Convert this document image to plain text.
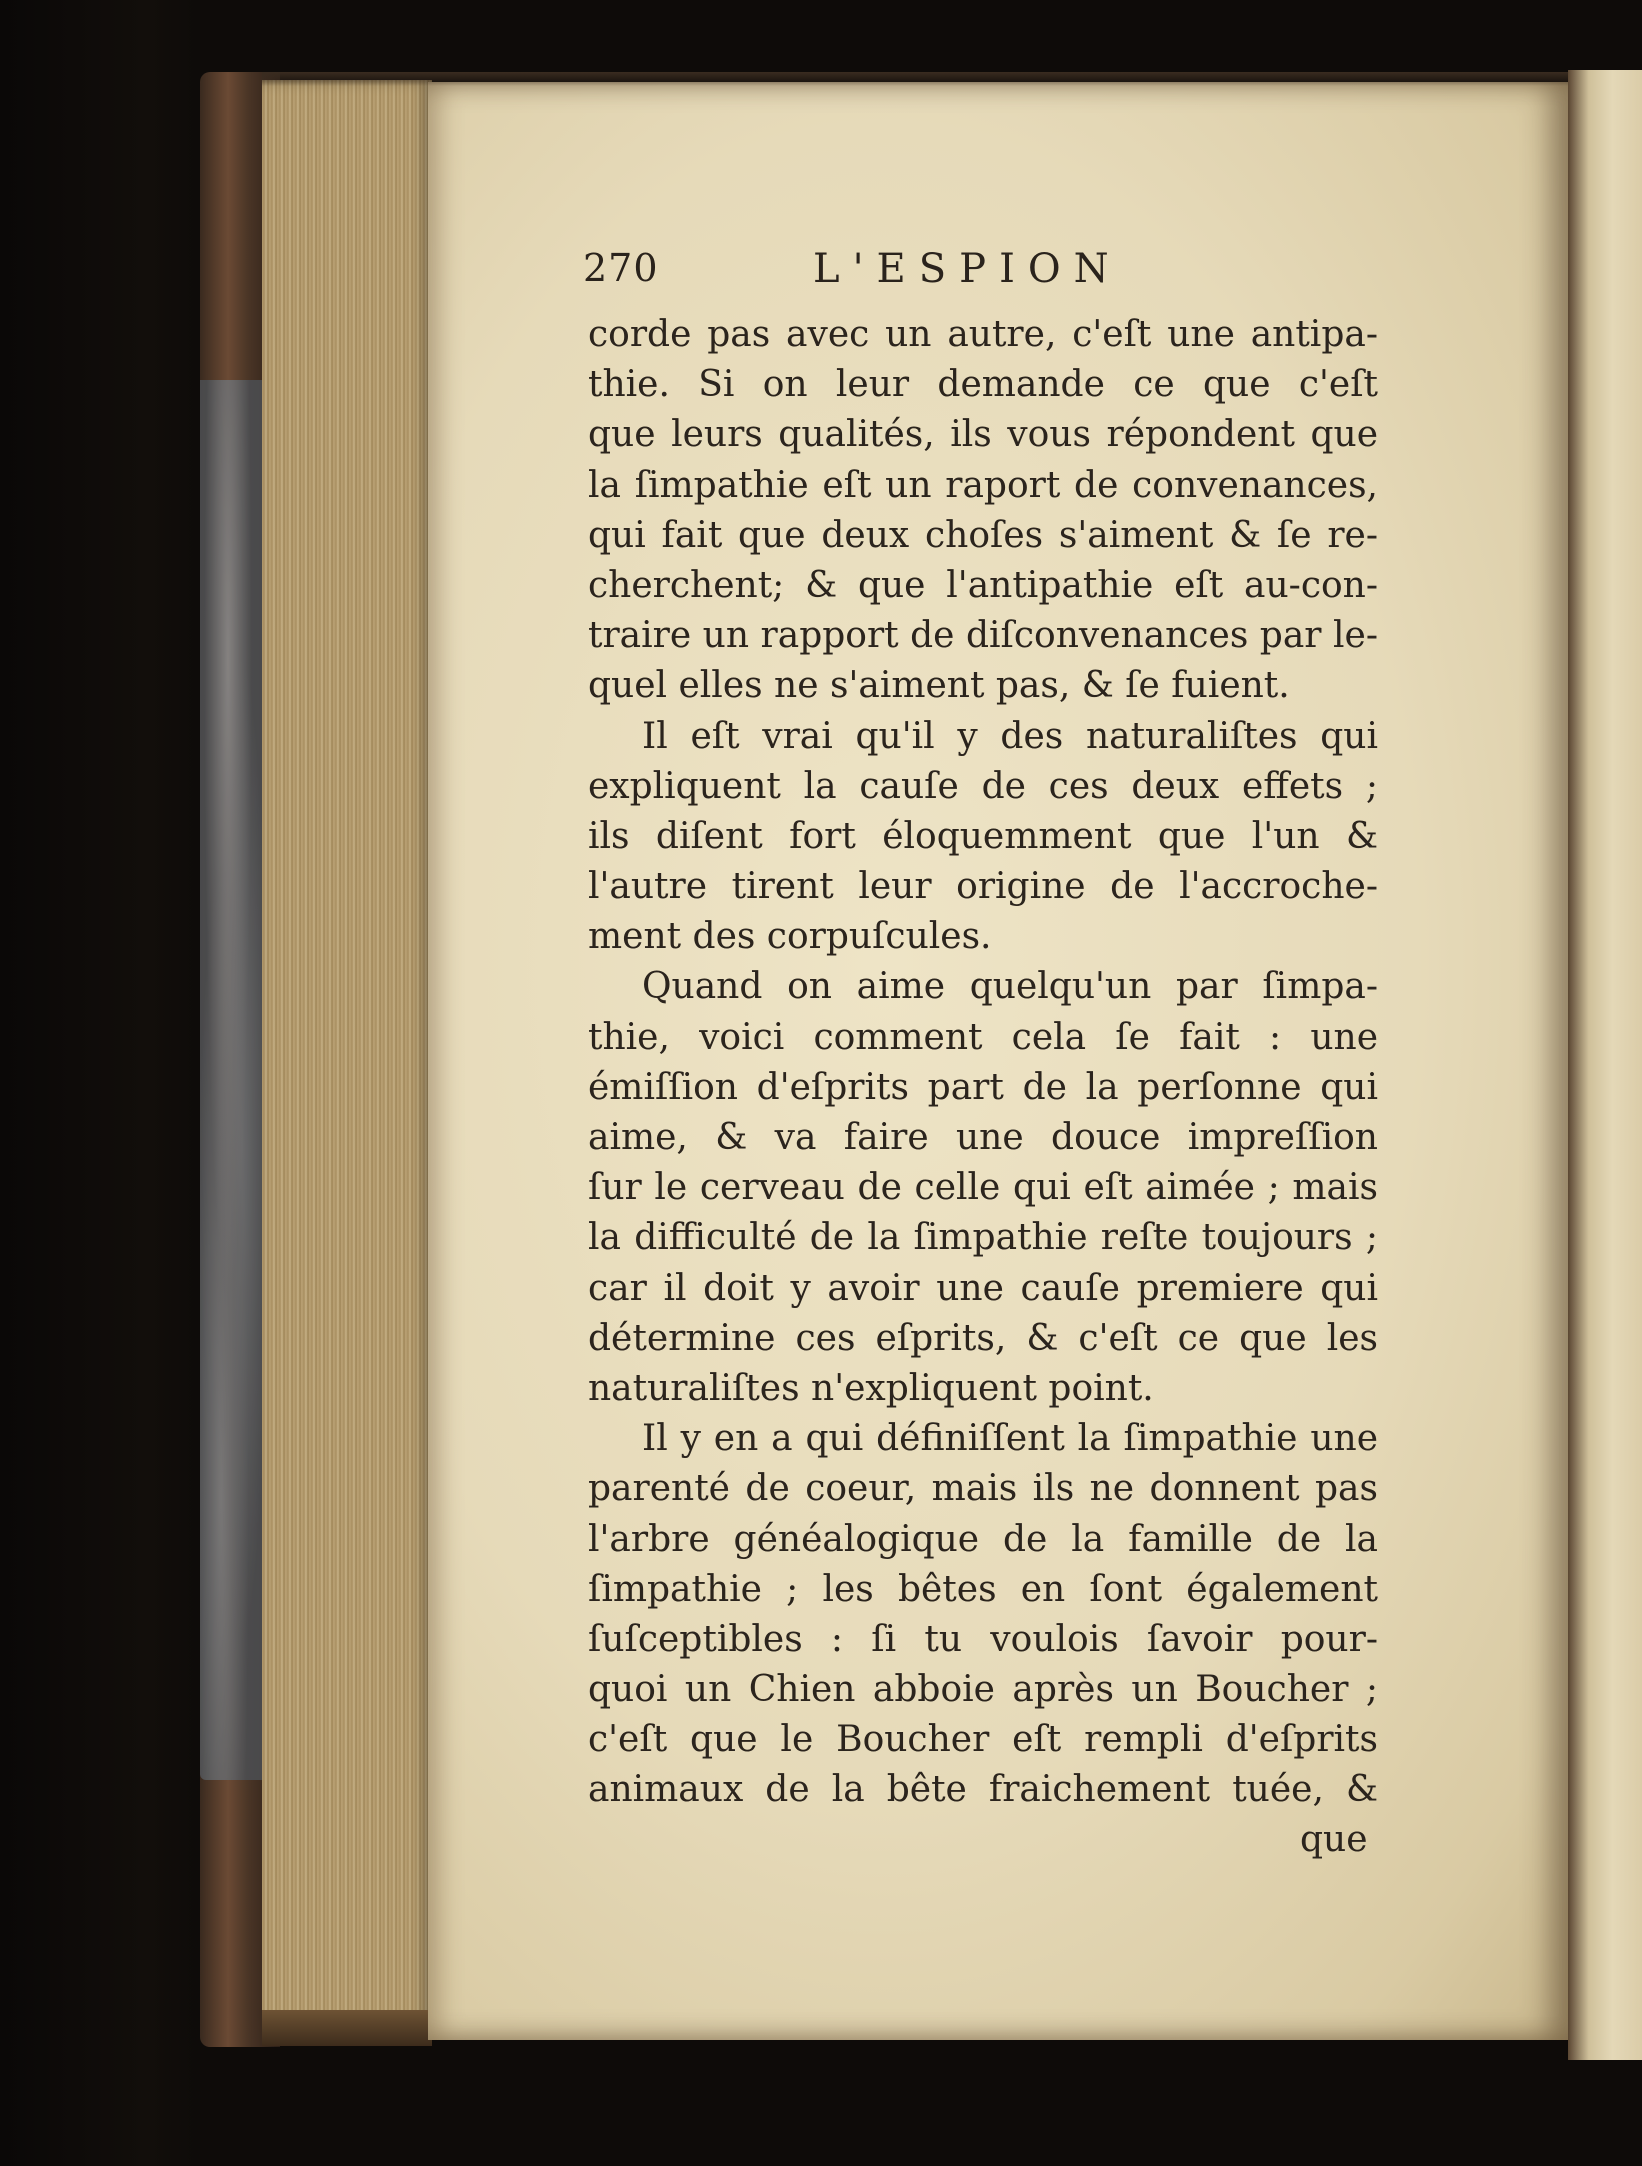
270	L'ESPION
corde pas avec un autre, c'eſt une antipa-
thie. Si on leur demande ce que c'eſt
que leurs qualités, ils vous répondent que
la ſimpathie eſt un raport de convenances,
qui fait que deux choſes s'aiment & ſe re-
cherchent; & que l'antipathie eſt au-con-
traire un rapport de diſconvenances par le-
quel elles ne s'aiment pas, & ſe fuient.
Il eſt vrai qu'il y des naturaliſtes qui
expliquent la cauſe de ces deux effets ;
ils diſent fort éloquemment que l'un &
l'autre tirent leur origine de l'accroche-
ment des corpuſcules.
Quand on aime quelqu'un par ſimpa-
thie, voici comment cela ſe fait : une
émiſſion d'eſprits part de la perſonne qui
aime, & va faire une douce impreſſion
ſur le cerveau de celle qui eſt aimée ; mais
la difficulté de la ſimpathie reſte toujours ;
car il doit y avoir une cauſe premiere qui
détermine ces eſprits, & c'eſt ce que les
naturaliſtes n'expliquent point.
Il y en a qui définiſſent la ſimpathie une
parenté de coeur, mais ils ne donnent pas
l'arbre généalogique de la famille de la
ſimpathie ; les bêtes en ſont également
ſuſceptibles : ſi tu voulois ſavoir pour-
quoi un Chien abboie après un Boucher ;
c'eſt que le Boucher eſt rempli d'eſprits
animaux de la bête fraichement tuée, &
que
